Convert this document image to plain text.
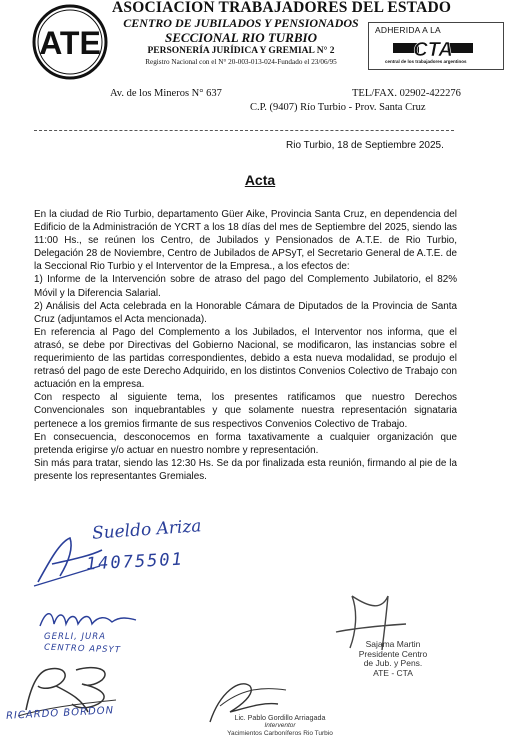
ATE
ASOCIACION TRABAJADORES DEL ESTADO
CENTRO DE JUBILADOS Y PENSIONADOS
SECCIONAL RIO TURBIO
PERSONERÍA JURÍDICA Y GREMIAL N° 2
Registro Nacional con el N° 20-003-013-024-Fundado el 23/06/95
ADHERIDA A LA
CTA
central de los trabajadores argentinos
Av. de los Mineros N° 637	TEL/FAX. 02902-422276
C.P. (9407) Río Turbio - Prov. Santa Cruz
Rio Turbio, 18 de Septiembre 2025.
Acta

En la ciudad de Rio Turbio, departamento Güer Aike, Provincia Santa Cruz, en dependencia del Edificio de la Administración de YCRT a los 18 días del mes de Septiembre del 2025, siendo las 11:00 Hs., se reúnen los Centro, de Jubilados y Pensionados de A.T.E. de Rio Turbio, Delegación 28 de Noviembre, Centro de Jubilados de APSyT, el Secretario General de A.T.E. de la Seccional Rio Turbio y el Interventor de la Empresa., a los efectos de:

1) Informe de la Intervención sobre de atraso del pago del Complemento Jubilatorio, el 82% Móvil y la Diferencia Salarial.

2) Análisis del Acta celebrada en la Honorable Cámara de Diputados de la Provincia de Santa Cruz (adjuntamos el Acta mencionada).

En referencia al Pago del Complemento a los Jubilados, el Interventor nos informa, que el atrasó, se debe por Directivas del Gobierno Nacional, se modificaron, las instancias sobre el requerimiento de las partidas correspondientes, debido a esta nueva modalidad, se produjo el retrasó del pago de este Derecho Adquirido, en los distintos Convenios Colectivo de Trabajo con actuación en la empresa.

Con respecto al siguiente tema, los presentes ratificamos que nuestro Derechos Convencionales son inquebrantables y que solamente nuestra representación signataria pertenece a los gremios firmante de sus respectivos Convenios Colectivo de Trabajo.

En consecuencia, desconocemos en forma taxativamente a cualquier organización que pretenda erigirse y/o actuar en nuestro nombre y representación.

Sin más para tratar, siendo las 12:30 Hs. Se da por finalizada esta reunión, firmando al pie de la presente los representantes Gremiales.

Sueldo Ariza
14075501
GERLI, JURA
CENTRO APSYT
RICARDO BORDON	Lic. Pablo Gordillo Arriagada
Interventor
Yacimientos Carboníferos Rio Turbio
Sajama Martin
Presidente Centro
de Jub. y Pens.
ATE - CTA
